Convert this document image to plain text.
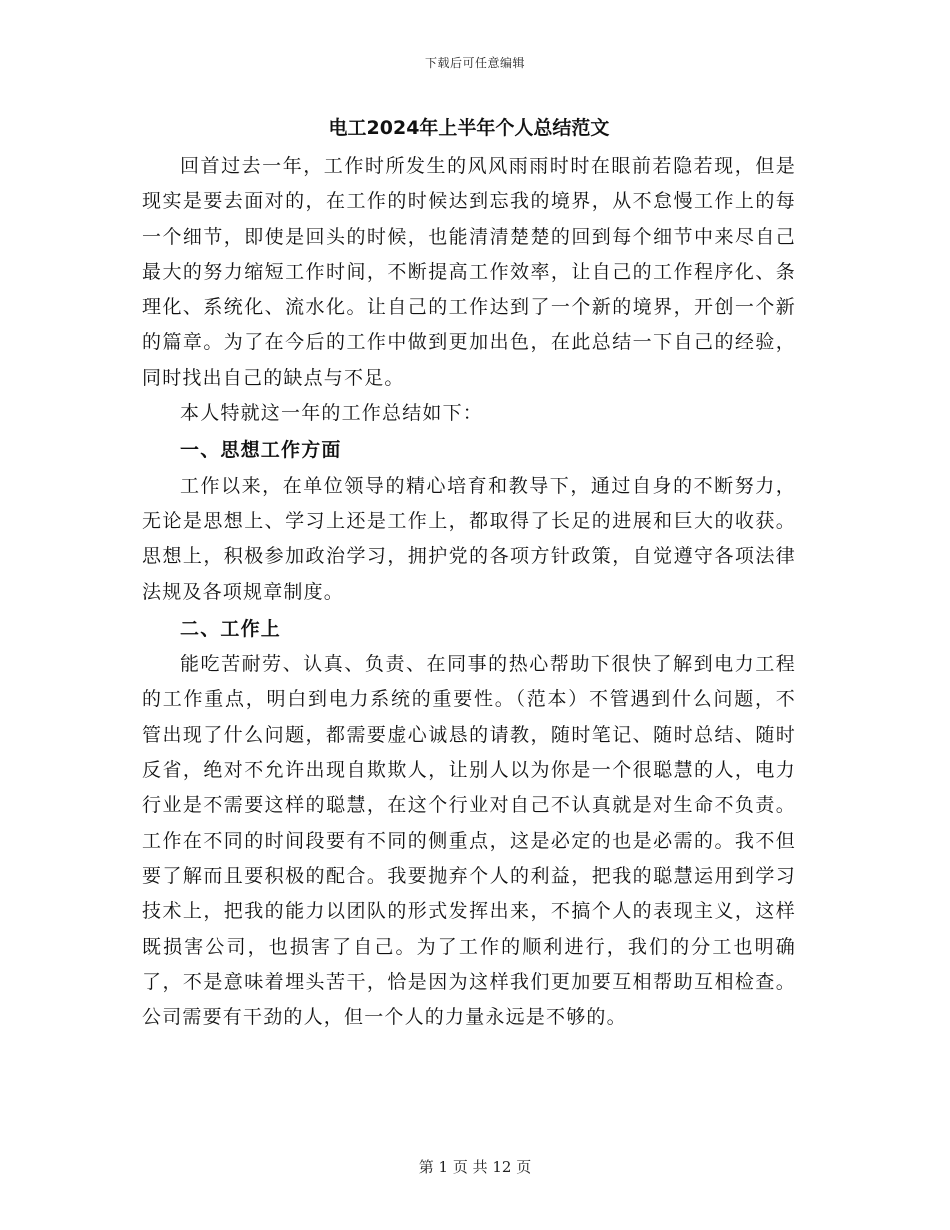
下载后可任意编辑
电工2024年上半年个人总结范文

回首过去一年，工作时所发生的风风雨雨时时在眼前若隐若现，但是现实是要去面对的，在工作的时候达到忘我的境界，从不怠慢工作上的每一个细节，即使是回头的时候，也能清清楚楚的回到每个细节中来尽自己最大的努力缩短工作时间，不断提高工作效率，让自己的工作程序化、条理化、系统化、流水化。让自己的工作达到了一个新的境界，开创一个新的篇章。为了在今后的工作中做到更加出色，在此总结一下自己的经验，同时找出自己的缺点与不足。

本人特就这一年的工作总结如下：

一、思想工作方面

工作以来，在单位领导的精心培育和教导下，通过自身的不断努力，无论是思想上、学习上还是工作上，都取得了长足的进展和巨大的收获。思想上，积极参加政治学习，拥护党的各项方针政策，自觉遵守各项法律法规及各项规章制度。

二、工作上

能吃苦耐劳、认真、负责、在同事的热心帮助下很快了解到电力工程的工作重点，明白到电力系统的重要性。（范本）不管遇到什么问题，不管出现了什么问题，都需要虚心诚恳的请教，随时笔记、随时总结、随时反省，绝对不允许出现自欺欺人，让别人以为你是一个很聪慧的人，电力行业是不需要这样的聪慧，在这个行业对自己不认真就是对生命不负责。工作在不同的时间段要有不同的侧重点，这是必定的也是必需的。我不但要了解而且要积极的配合。我要抛弃个人的利益，把我的聪慧运用到学习技术上，把我的能力以团队的形式发挥出来，不搞个人的表现主义，这样既损害公司，也损害了自己。为了工作的顺利进行，我们的分工也明确了，不是意味着埋头苦干，恰是因为这样我们更加要互相帮助互相检查。公司需要有干劲的人，但一个人的力量永远是不够的。

第 1 页 共 12 页
